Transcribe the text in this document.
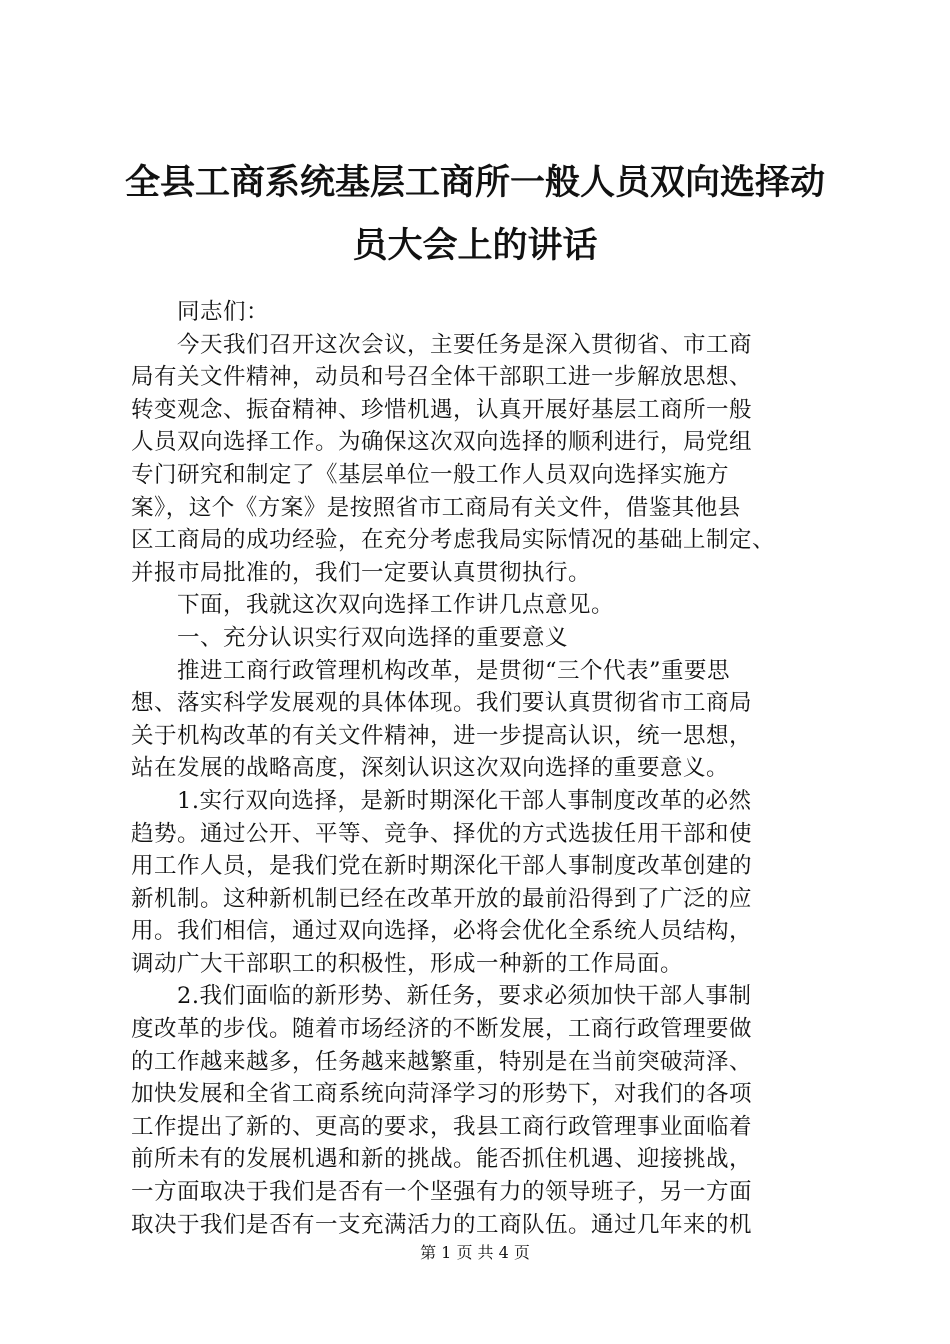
全县工商系统基层工商所一般人员双向选择动
员大会上的讲话
　　同志们：
　　今天我们召开这次会议，主要任务是深入贯彻省、市工商
局有关文件精神，动员和号召全体干部职工进一步解放思想、
转变观念、振奋精神、珍惜机遇，认真开展好基层工商所一般
人员双向选择工作。为确保这次双向选择的顺利进行，局党组
专门研究和制定了《基层单位一般工作人员双向选择实施方
案》，这个《方案》是按照省市工商局有关文件，借鉴其他县
区工商局的成功经验，在充分考虑我局实际情况的基础上制定、
并报市局批准的，我们一定要认真贯彻执行。
　　下面，我就这次双向选择工作讲几点意见。
　　一、充分认识实行双向选择的重要意义
　　推进工商行政管理机构改革，是贯彻“三个代表”重要思
想、落实科学发展观的具体体现。我们要认真贯彻省市工商局
关于机构改革的有关文件精神，进一步提高认识，统一思想，
站在发展的战略高度，深刻认识这次双向选择的重要意义。
　　1.实行双向选择，是新时期深化干部人事制度改革的必然
趋势。通过公开、平等、竞争、择优的方式选拔任用干部和使
用工作人员，是我们党在新时期深化干部人事制度改革创建的
新机制。这种新机制已经在改革开放的最前沿得到了广泛的应
用。我们相信，通过双向选择，必将会优化全系统人员结构，
调动广大干部职工的积极性，形成一种新的工作局面。
　　2.我们面临的新形势、新任务，要求必须加快干部人事制
度改革的步伐。随着市场经济的不断发展，工商行政管理要做
的工作越来越多，任务越来越繁重，特别是在当前突破菏泽、
加快发展和全省工商系统向菏泽学习的形势下，对我们的各项
工作提出了新的、更高的要求，我县工商行政管理事业面临着
前所未有的发展机遇和新的挑战。能否抓住机遇、迎接挑战，
一方面取决于我们是否有一个坚强有力的领导班子，另一方面
取决于我们是否有一支充满活力的工商队伍。通过几年来的机
第 1 页 共 4 页
